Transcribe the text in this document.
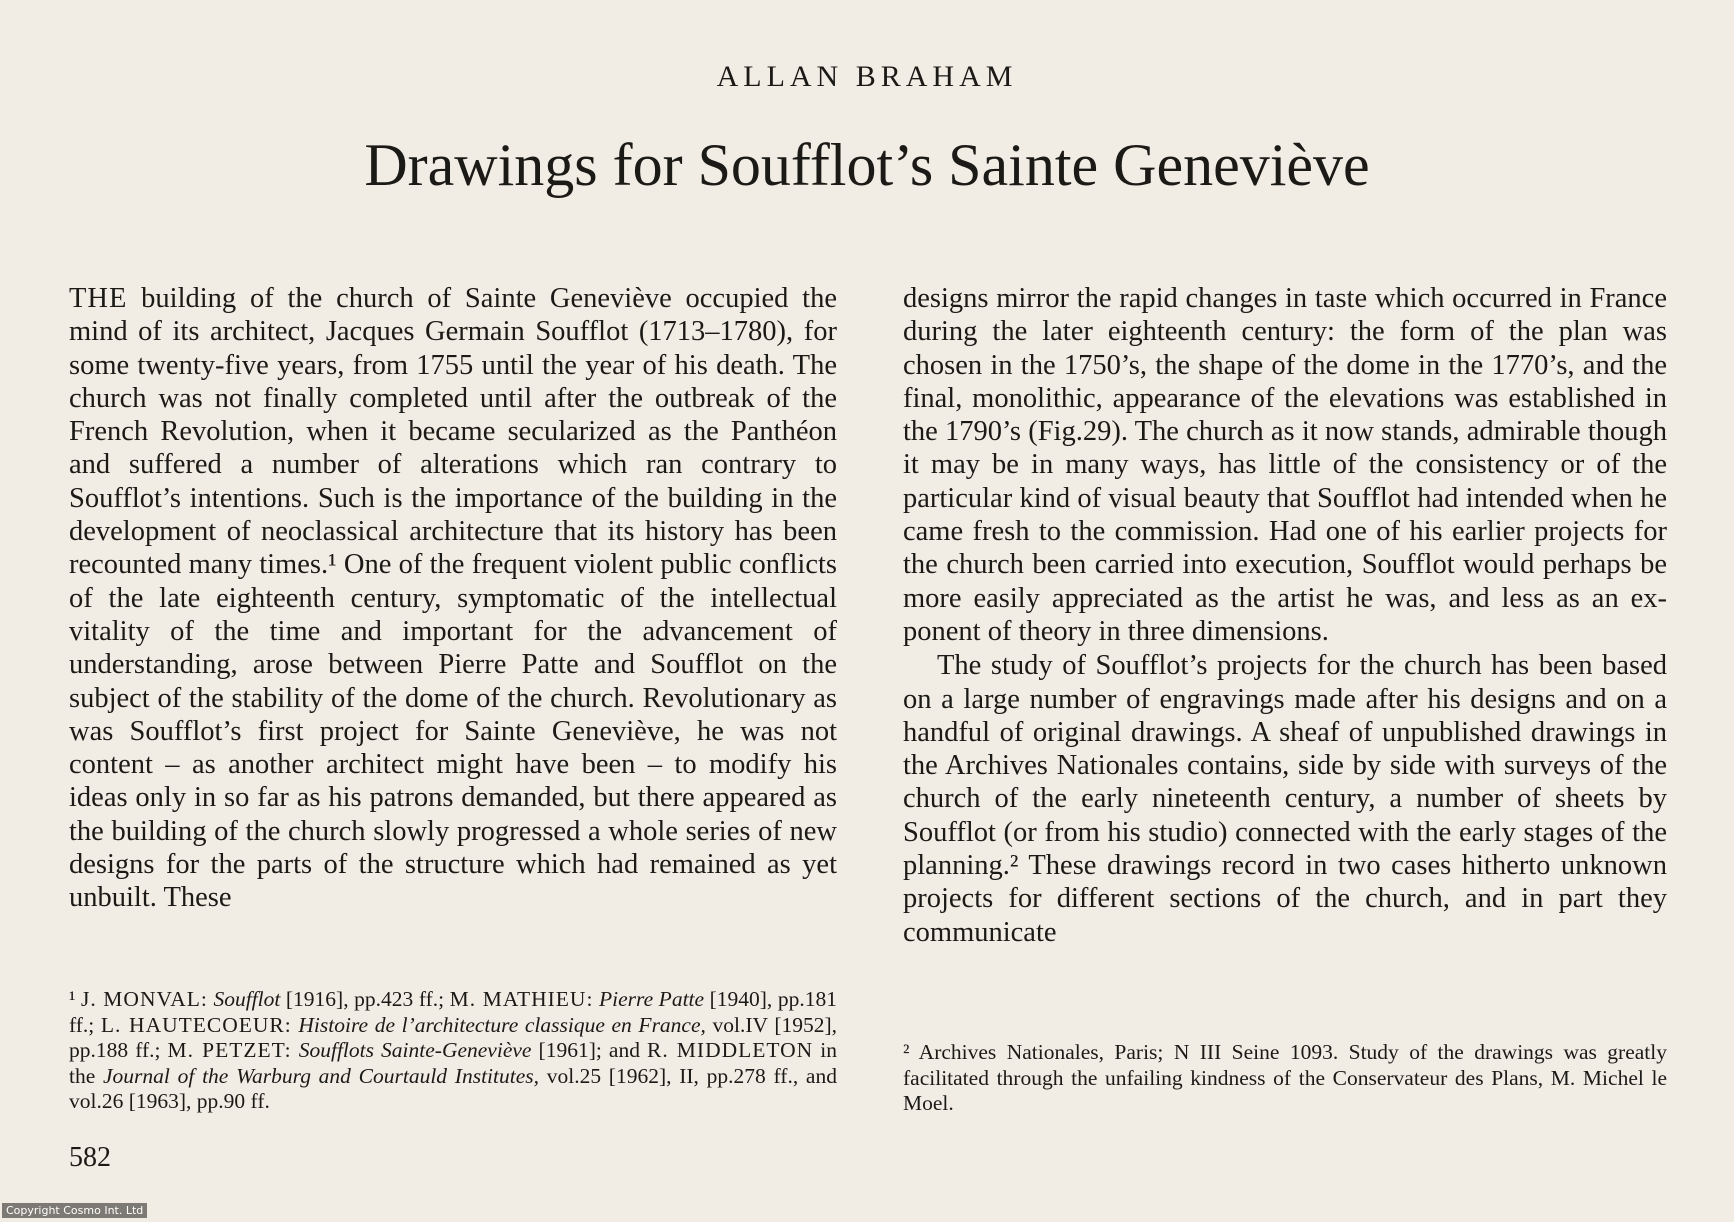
ALLAN BRAHAM
Drawings for Soufflot’s Sainte Geneviève

THE building of the church of Sainte Geneviève occupied the mind of its architect, Jacques Germain Soufflot (1713–1780), for some twenty-five years, from 1755 until the year of his death. The church was not finally completed until after the outbreak of the French Revolution, when it became secularized as the Panthéon and suffered a number of alterations which ran contrary to Soufflot’s intentions. Such is the importance of the building in the development of neoclassical architecture that its history has been recounted many times.¹ One of the frequent violent public conflicts of the late eighteenth century, symptomatic of the intellectual vitality of the time and important for the advancement of understanding, arose between Pierre Patte and Soufflot on the subject of the stability of the dome of the church. Revolutionary as was Soufflot’s first project for Sainte Geneviève, he was not content – as another architect might have been – to modify his ideas only in so far as his patrons demanded, but there appeared as the building of the church slowly progressed a whole series of new designs for the parts of the structure which had remained as yet unbuilt. These

designs mirror the rapid changes in taste which occurred in France during the later eighteenth century: the form of the plan was chosen in the 1750’s, the shape of the dome in the 1770’s, and the final, monolithic, appearance of the elevations was established in the 1790’s (Fig.29). The church as it now stands, admirable though it may be in many ways, has little of the consistency or of the particular kind of visual beauty that Soufflot had intended when he came fresh to the commission. Had one of his earlier projects for the church been carried into execution, Soufflot would perhaps be more easily appreciated as the artist he was, and less as an exponent of theory in three dimensions.

The study of Soufflot’s projects for the church has been based on a large number of engravings made after his designs and on a handful of original drawings. A sheaf of unpublished drawings in the Archives Nationales contains, side by side with surveys of the church of the early nineteenth century, a number of sheets by Soufflot (or from his studio) connected with the early stages of the planning.² These drawings record in two cases hitherto unknown projects for different sections of the church, and in part they communicate

¹ J. MONVAL: Soufflot [1916], pp.423 ff.; M. MATHIEU: Pierre Patte [1940], pp.181 ff.; L. HAUTECOEUR: Histoire de l’architecture classique en France, vol.IV [1952], pp.188 ff.; M. PETZET: Soufflots Sainte-Geneviève [1961]; and R. MIDDLETON in the Journal of the Warburg and Courtauld Institutes, vol.25 [1962], II, pp.278 ff., and vol.26 [1963], pp.90 ff.
² Archives Nationales, Paris; N III Seine 1093. Study of the drawings was greatly facilitated through the unfailing kindness of the Conservateur des Plans, M. Michel le Moel.
582
Copyright Cosmo Int. Ltd
